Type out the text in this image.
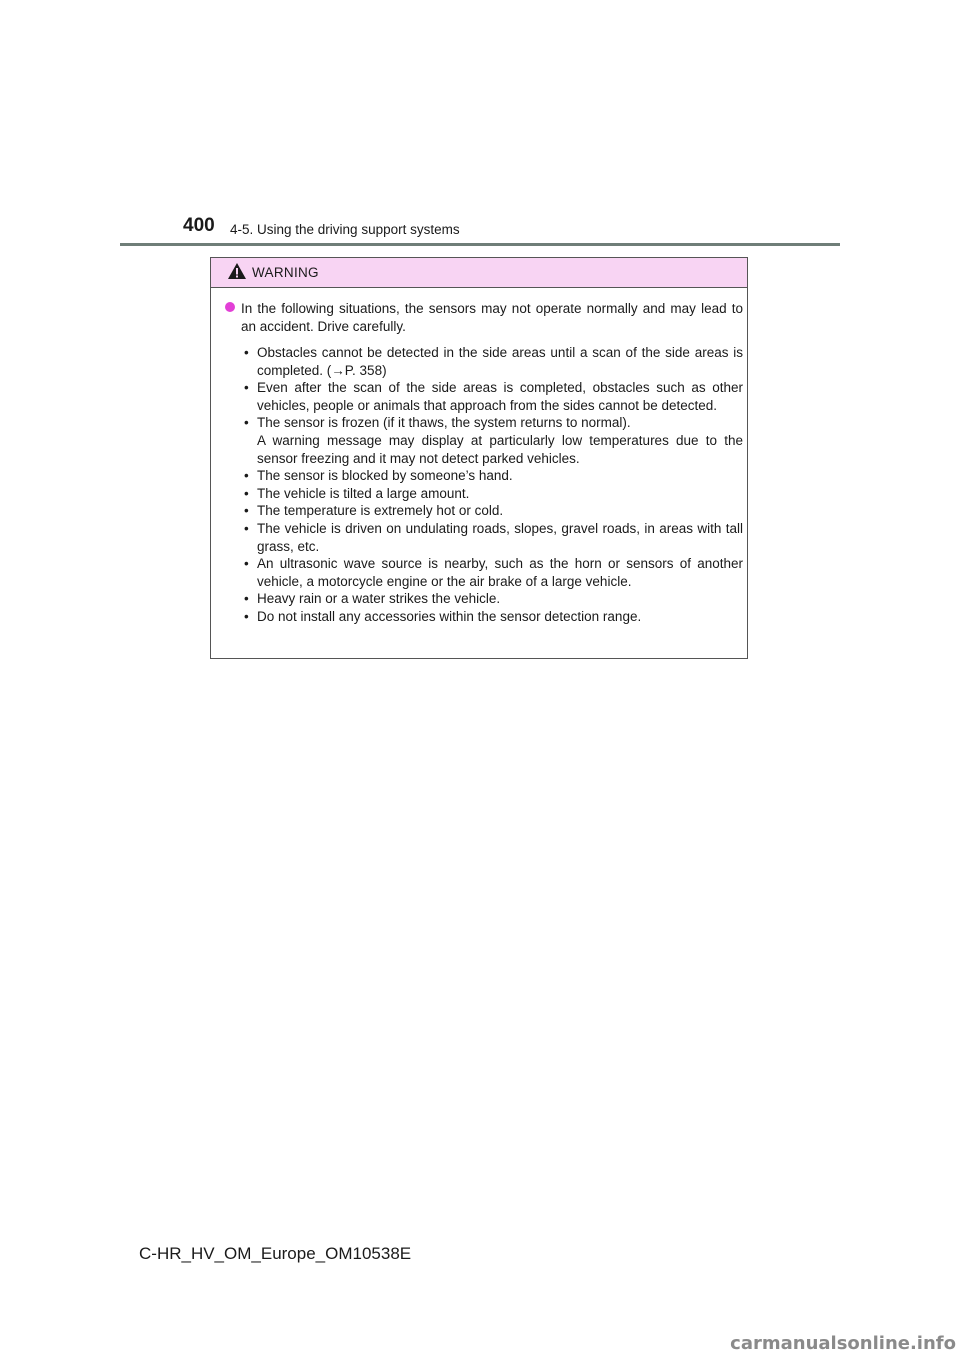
400 4-5. Using the driving support systems
WARNING

In the following situations, the sensors may not operate normally and may lead to an accident. Drive carefully.

• Obstacles cannot be detected in the side areas until a scan of the side areas is completed. (→P. 358)
• Even after the scan of the side areas is completed, obstacles such as other vehicles, people or animals that approach from the sides cannot be detected.
• The sensor is frozen (if it thaws, the system returns to normal).
A warning message may display at particularly low temperatures due to the sensor freezing and it may not detect parked vehicles.
• The sensor is blocked by someone’s hand.
• The vehicle is tilted a large amount.
• The temperature is extremely hot or cold.
• The vehicle is driven on undulating roads, slopes, gravel roads, in areas with tall grass, etc.
• An ultrasonic wave source is nearby, such as the horn or sensors of another vehicle, a motorcycle engine or the air brake of a large vehicle.
• Heavy rain or a water strikes the vehicle.
• Do not install any accessories within the sensor detection range.
C-HR_HV_OM_Europe_OM10538E
carmanualsonline.info
